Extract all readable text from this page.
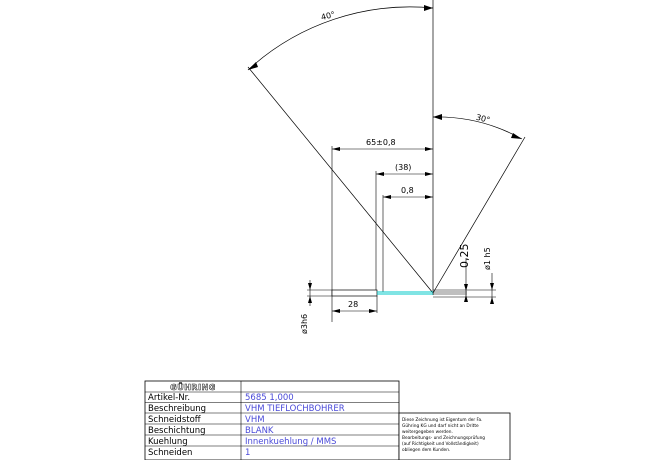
40°
30°
65±0,8
(38)
0,8
0,25 ø1 h5
28
ø3h6
GÜHRING
Artikel-Nr.	5685 1,000
Beschreibung	VHM TIEFLOCHBOHRER
Schneidstoff	VHM
Beschichtung	BLANK
Kuehlung	Innenkuehlung / MMS
Schneiden	1
Diese Zeichnung ist Eigentum der Fa.
Gühring KG und darf nicht an Dritte
weitergegeben werden.
Bearbeitungs- und Zeichnungsprüfung
(auf Richtigkeit und Vollständigkeit)
obliegen dem Kunden.
